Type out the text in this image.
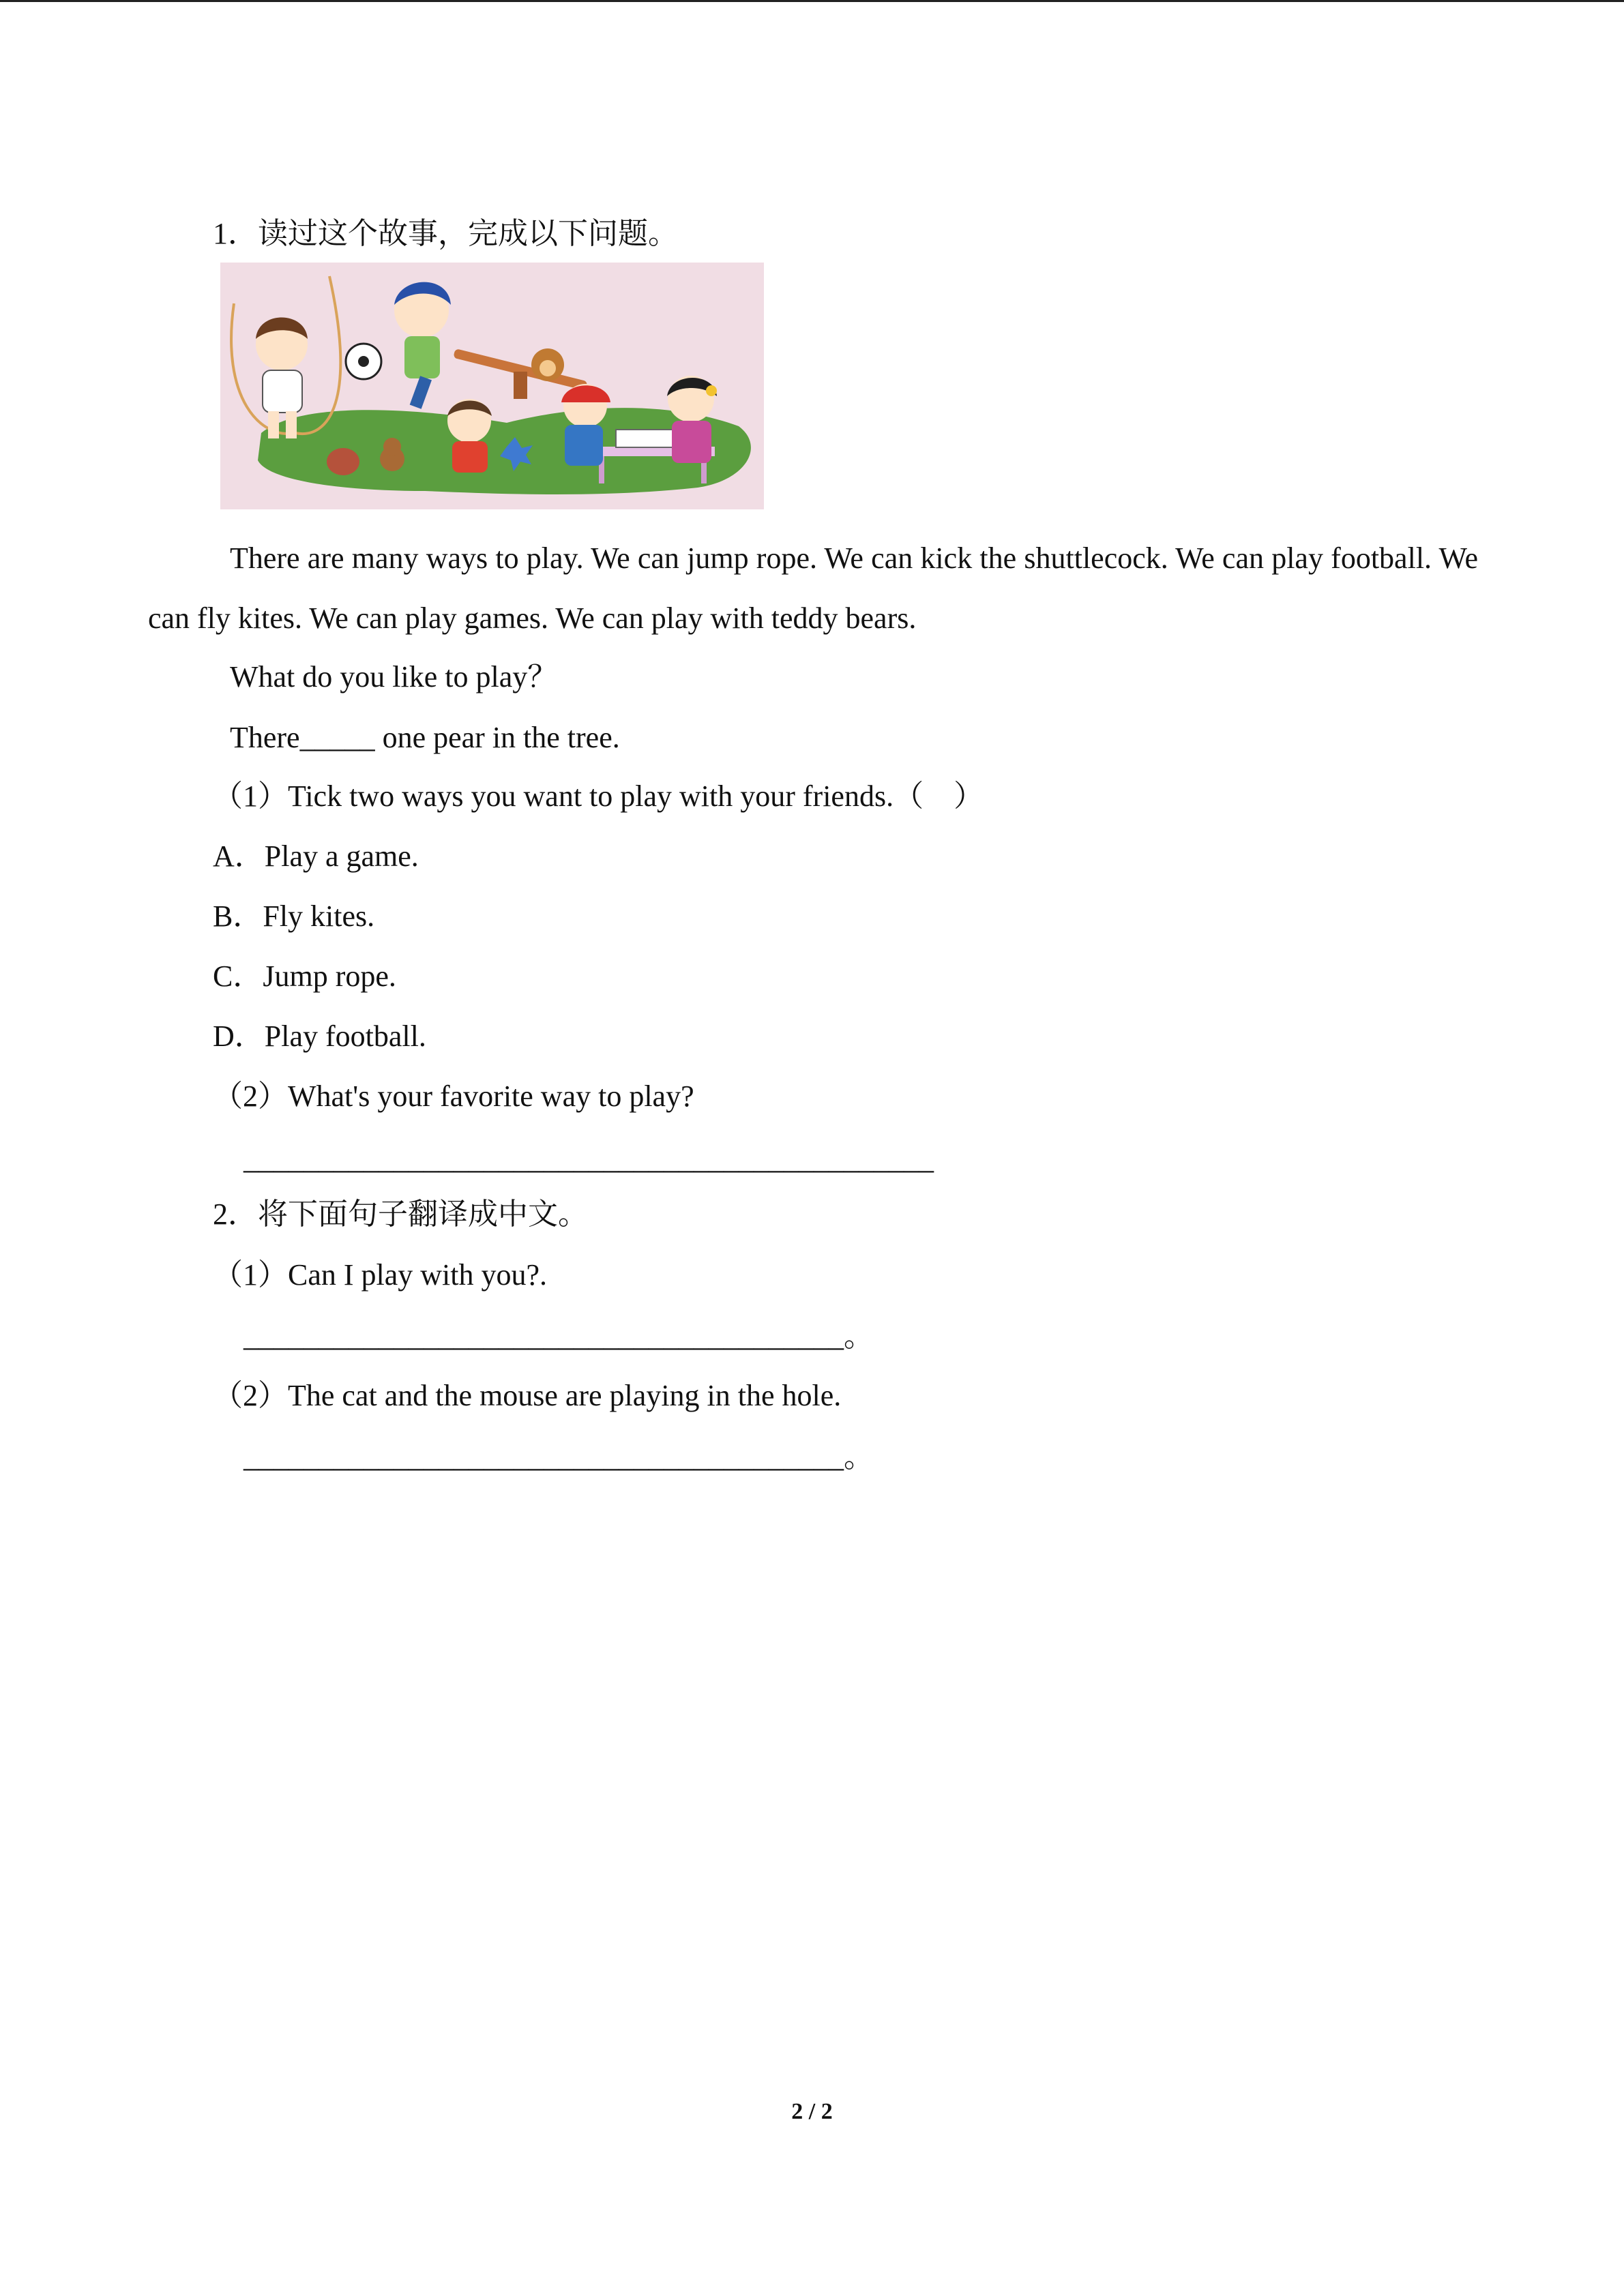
1．读过这个故事，完成以下问题。
There are many ways to play. We can jump rope. We can kick the shuttlecock. We can play football. We can fly kites. We can play games. We can play with teddy bears.
What do you like to play？
There_____ one pear in the tree.
（1）Tick two ways you want to play with your friends.（　）
A．Play a game.
B．Fly kites.
C．Jump rope.
D．Play football.
（2）What's your favorite way to play?
______________________________________________
2．将下面句子翻译成中文。
（1）Can I play with you?.
________________________________________。
（2）The cat and the mouse are playing in the hole.
________________________________________。
2 / 2
